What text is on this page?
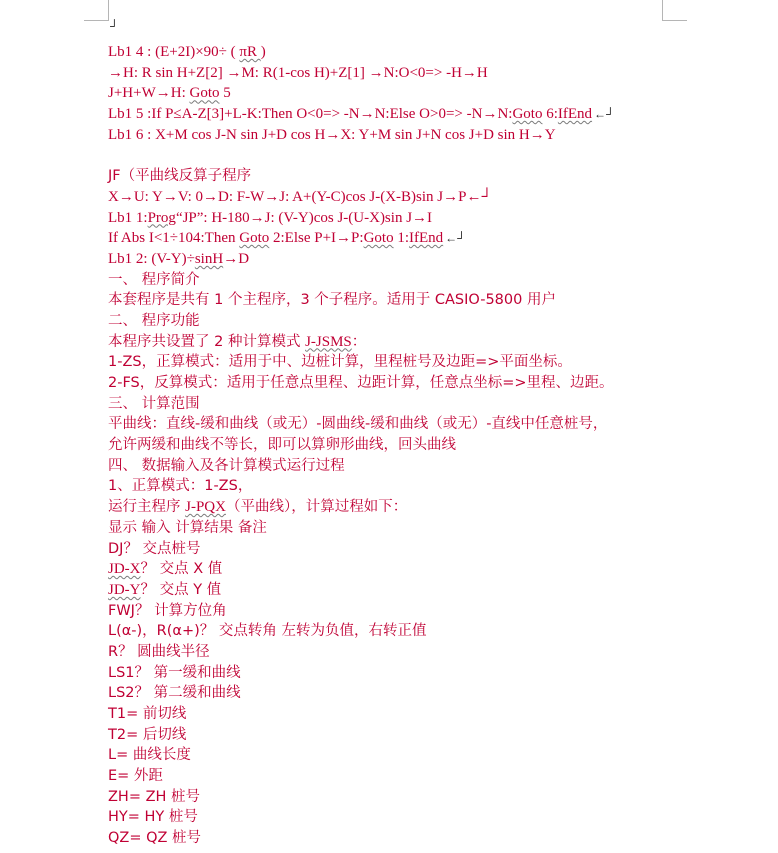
┘
Lb1 4 : (E+2I)×90÷ ( πR )
→H: R sin H+Z[2] →M: R(1-cos H)+Z[1] →N:O<0=> -H→H
J+H+W→H: Goto 5
Lb1 5 :If P≤A-Z[3]+L-K:Then O<0=> -N→N:Else O>0=> -N→N:Goto 6:IfEnd ←┘
Lb1 6 : X+M cos J-N sin J+D cos H→X: Y+M sin J+N cos J+D sin H→Y
JF（平曲线反算子程序
X→U: Y→V: 0→D: F-W→J: A+(Y-C)cos J-(X-B)sin J→P←┘
Lb1 1:Prog“JP”: H-180→J: (V-Y)cos J-(U-X)sin J→I
If Abs I<1÷104:Then Goto 2:Else P+I→P:Goto 1:IfEnd ←┘
Lb1 2: (V-Y)÷sinH→D
一、 程序简介
本套程序是共有 1 个主程序，3 个子程序。适用于 CASIO-5800 用户
二、 程序功能
本程序共设置了 2 种计算模式 J-JSMS：
1-ZS，正算模式：适用于中、边桩计算，里程桩号及边距=>平面坐标。
2-FS，反算模式：适用于任意点里程、边距计算，任意点坐标=>里程、边距。
三、 计算范围
平曲线：直线-缓和曲线（或无）-圆曲线-缓和曲线（或无）-直线中任意桩号，
允许两缓和曲线不等长，即可以算卵形曲线，回头曲线
四、 数据输入及各计算模式运行过程
1、正算模式：1-ZS，
运行主程序 J-PQX（平曲线），计算过程如下：
显示 输入 计算结果 备注
DJ？ 交点桩号
JD-X？ 交点 X 值
JD-Y？ 交点 Y 值
FWJ？ 计算方位角
L(α-)，R(α+)？ 交点转角 左转为负值，右转正值
R？ 圆曲线半径
LS1？ 第一缓和曲线
LS2？ 第二缓和曲线
T1= 前切线
T2= 后切线
L= 曲线长度
E= 外距
ZH= ZH 桩号
HY= HY 桩号
QZ= QZ 桩号
